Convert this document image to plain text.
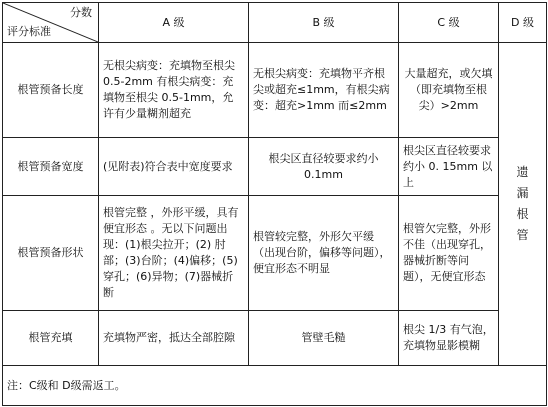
分数
评分标准	A 级	B 级	C 级	D 级
根管预备长度	无根尖病变：充填物至根尖 0.5-2mm 有根尖病变：充填物至根尖 0.5-1mm，允许有少量糊剂超充	无根尖病变：充填物平齐根尖或超充≤1mm，有根尖病变：超充>1mm 而≤2mm	大量超充，或欠填（即充填物至根尖）>2mm	遗漏根管
根管预备宽度	(见附表)符合表中宽度要求	根尖区直径较要求约小 0.1mm	根尖区直径较要求约小 0. 15mm 以上	
根管预备形状	根管完整 ，外形平缓，具有便宜形态 。无以下问题出现：(1)根尖拉开；(2) 肘部；(3)台阶；(4)偏移；(5)穿孔；(6)异物；(7)器械折断	根管较完整，外形欠平缓（出现台阶，偏移等问题），便宜形态不明显	根管欠完整，外形不佳（出现穿孔，器械折断等问题），无便宜形态	
根管充填	充填物严密，抵达全部腔隙	管壁毛糙	根尖 1/3 有气泡，充填物显影模糊	
注：C级和 D级需返工。				
